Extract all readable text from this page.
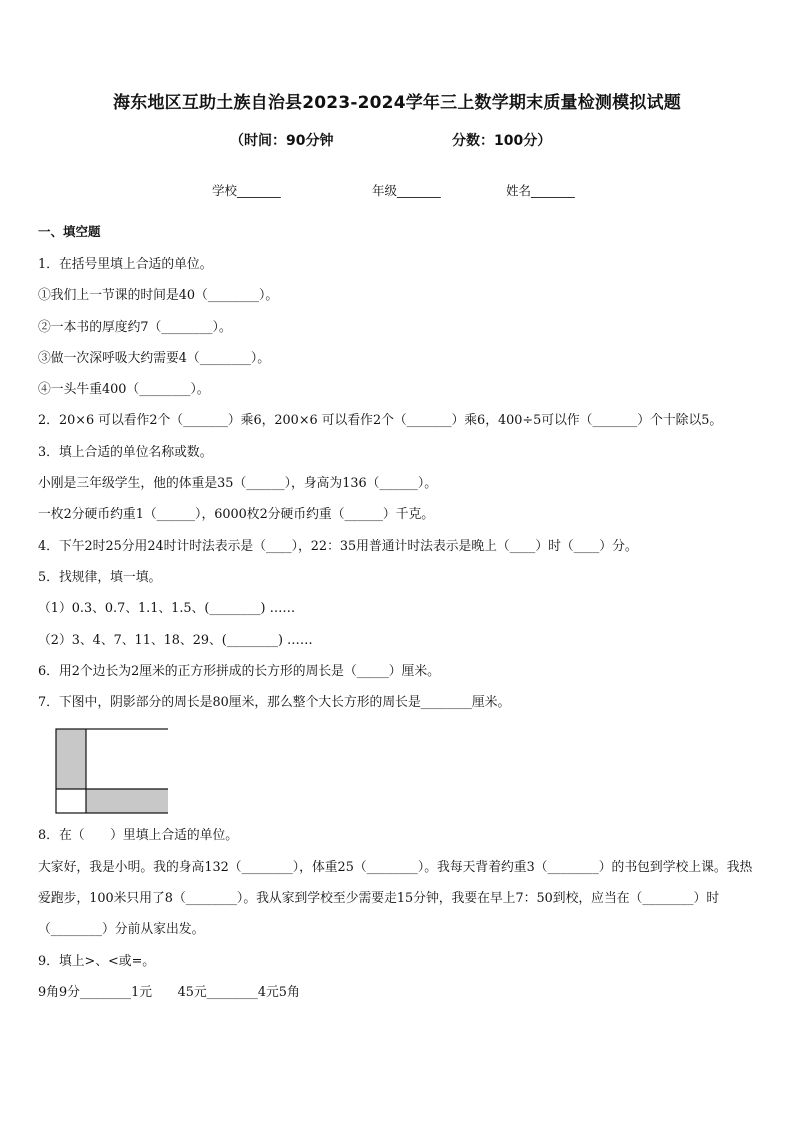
海东地区互助土族自治县2023-2024学年三上数学期末质量检测模拟试题
（时间：90分钟	分数：100分）
学校_______	年级_______	姓名_______
一、填空题
1．在括号里填上合适的单位。
①我们上一节课的时间是40（________）。
②一本书的厚度约7（________）。
③做一次深呼吸大约需要4（________）。
④一头牛重400（________）。
2．20×6 可以看作2个（_______）乘6，200×6 可以看作2个（_______）乘6，400÷5可以作（_______）个十除以5。
3．填上合适的单位名称或数。
小刚是三年级学生，他的体重是35（______），身高为136（______）。
一枚2分硬币约重1（______），6000枚2分硬币约重（______）千克。
4．下午2时25分用24时计时法表示是（____），22：35用普通计时法表示是晚上（____）时（____）分。
5．找规律，填一填。
（1）0.3、0.7、1.1、1.5、(________) ……
（2）3、4、7、11、18、29、(________) ……
6．用2个边长为2厘米的正方形拼成的长方形的周长是（_____）厘米。
7．下图中，阴影部分的周长是80厘米，那么整个大长方形的周长是________厘米。
8．在（　　）里填上合适的单位。
大家好，我是小明。我的身高132（________），体重25（________）。我每天背着约重3（________）的书包到学校上课。我热爱跑步，100米只用了8（________）。我从家到学校至少需要走15分钟，我要在早上7：50到校，应当在（________）时（________）分前从家出发。
9．填上>、<或=。
9角9分________1元　　45元________4元5角
